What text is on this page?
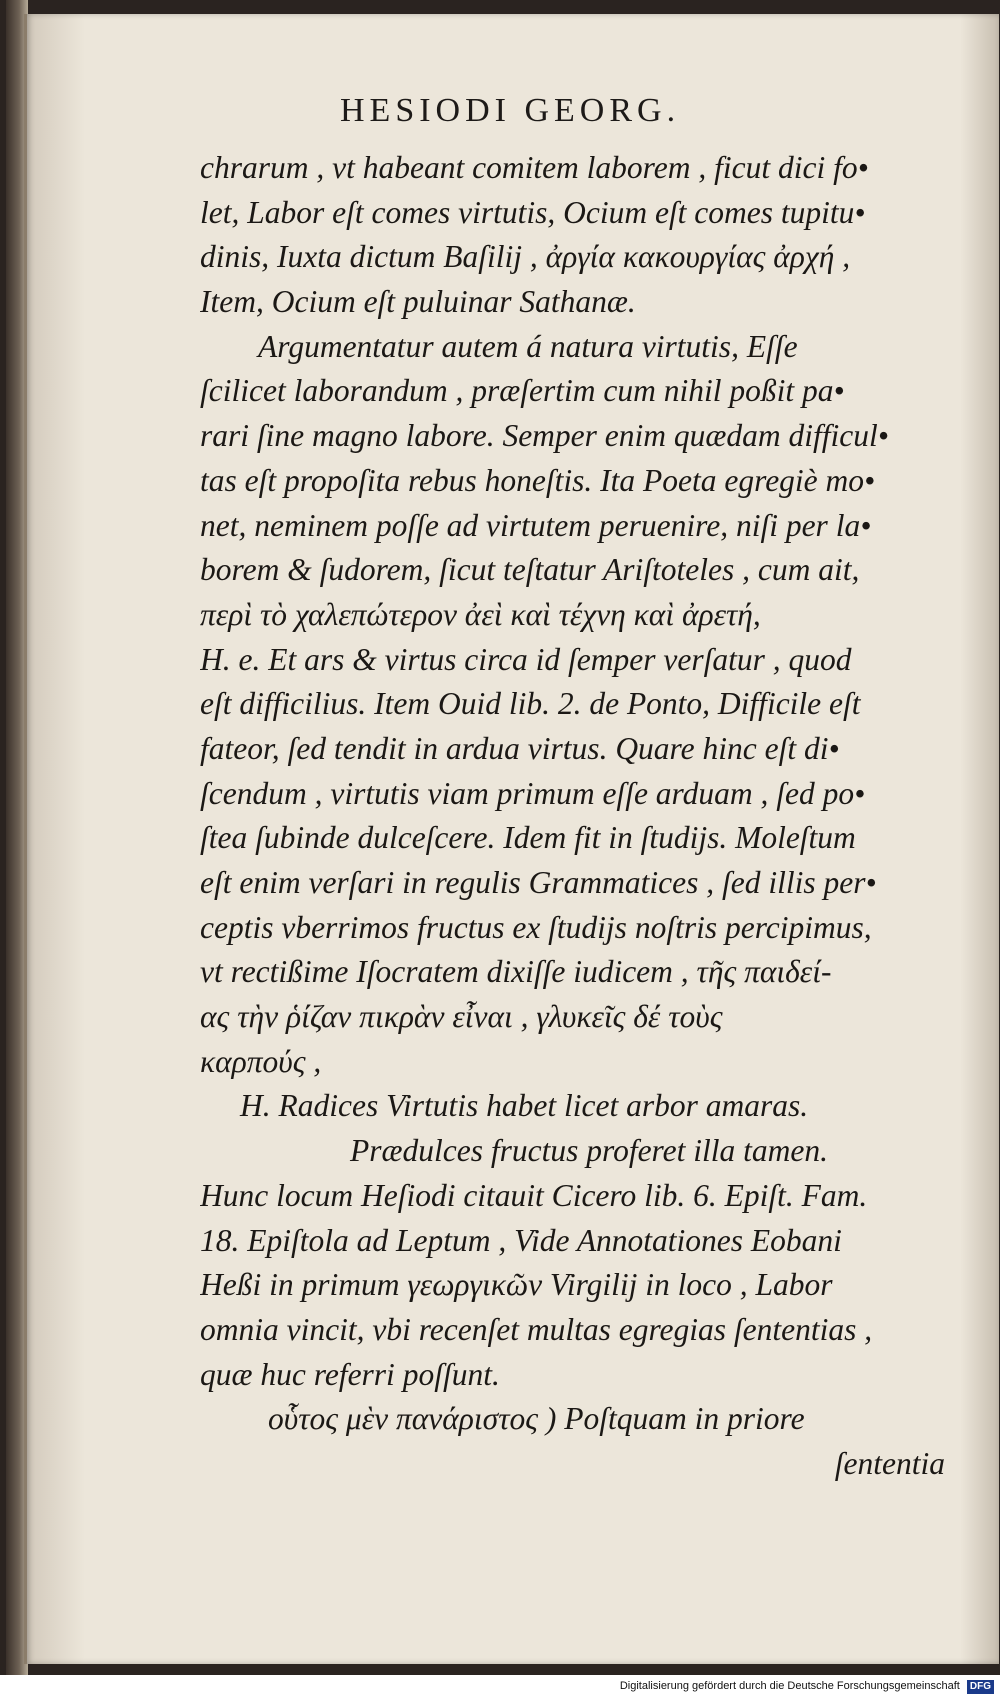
HESIODI GEORG.
chrarum , vt habeant comitem laborem , ficut dici fo•
let, Labor eſt comes virtutis, Ocium eſt comes tupitu•
dinis, Iuxta dictum Baſilij , ἀργία κακουργίας ἀρχή ,
Item, Ocium eſt puluinar Sathanæ.
Argumentatur autem á natura virtutis, Eſſe
ſcilicet laborandum , præſertim cum nihil poßit pa•
rari ſine magno labore. Semper enim quædam difficul•
tas eſt propoſita rebus honeſtis. Ita Poeta egregiè mo•
net, neminem poſſe ad virtutem peruenire, niſi per la•
borem & ſudorem, ſicut teſtatur Ariſtoteles , cum ait,
περὶ τὸ χαλεπώτερον ἀεὶ καὶ τέχνη καὶ ἀρετή,
H. e. Et ars & virtus circa id ſemper verſatur , quod
eſt difficilius. Item Ouid lib. 2. de Ponto, Difficile eſt
fateor, ſed tendit in ardua virtus. Quare hinc eſt di•
ſcendum , virtutis viam primum eſſe arduam , ſed po•
ſtea ſubinde dulceſcere. Idem fit in ſtudijs. Moleſtum
eſt enim verſari in regulis Grammatices , ſed illis per•
ceptis vberrimos fructus ex ſtudijs noſtris percipimus,
vt rectißime Iſocratem dixiſſe iudicem , τῆς παιδεί-
ας τὴν ῥίζαν πικρὰν εἶναι , γλυκεῖς δέ τοὺς
καρπούς ,
H. Radices Virtutis habet licet arbor amaras.
Prædulces fructus proferet illa tamen.
Hunc locum Heſiodi citauit Cicero lib. 6. Epiſt. Fam.
18. Epiſtola ad Leptum , Vide Annotationes Eobani
Heßi in primum γεωργικῶν Virgilij in loco , Labor
omnia vincit, vbi recenſet multas egregias ſententias ,
quæ huc referri poſſunt.
οὗτος μὲν πανάριστος ) Poſtquam in priore
ſententia
Digitalisierung gefördert durch die Deutsche Forschungsgemeinschaft DFG
